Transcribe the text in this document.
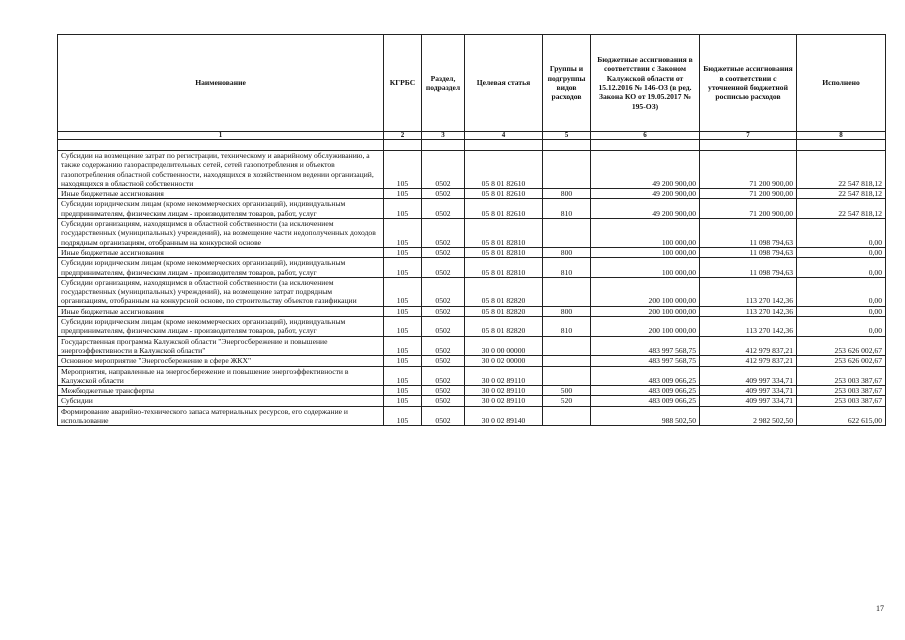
Наименование	КГРБС	Раздел, подраздел	Целевая статья	Группы и подгруппы видов расходов	Бюджетные ассигнования в соответствии с Законом Калужской области от 15.12.2016 № 146-ОЗ (в ред. Закона КО от 19.05.2017 № 195-ОЗ)	Бюджетные ассигнования в соответствии с уточненной бюджетной росписью расходов	Исполнено
1	2	3	4	5	6	7	8

Субсидии на возмещение затрат по регистрации, техническому и аварийному обслуживанию, а также содержанию газораспределительных сетей, сетей газопотребления и объектов газопотребления областной собственности, находящихся в хозяйственном ведении организаций, находящихся в областной собственности	105	0502	05 8 01 82610		49 200 900,00	71 200 900,00	22 547 818,12
Иные бюджетные ассигнования	105	0502	05 8 01 82610	800	49 200 900,00	71 200 900,00	22 547 818,12
Субсидии юридическим лицам (кроме некоммерческих организаций), индивидуальным предпринимателям, физическим лицам - производителям товаров, работ, услуг	105	0502	05 8 01 82610	810	49 200 900,00	71 200 900,00	22 547 818,12
Субсидии организациям, находящимся в областной собственности (за исключением государственных (муниципальных) учреждений), на возмещение части недополученных доходов подрядным организациям, отобранным на конкурсной основе	105	0502	05 8 01 82810		100 000,00	11 098 794,63	0,00
Иные бюджетные ассигнования	105	0502	05 8 01 82810	800	100 000,00	11 098 794,63	0,00
Субсидии юридическим лицам (кроме некоммерческих организаций), индивидуальным предпринимателям, физическим лицам - производителям товаров, работ, услуг	105	0502	05 8 01 82810	810	100 000,00	11 098 794,63	0,00
Субсидии организациям, находящимся в областной собственности (за исключением государственных (муниципальных) учреждений), на возмещение затрат подрядным организациям, отобранным на конкурсной основе, по строительству объектов газификации	105	0502	05 8 01 82820		200 100 000,00	113 270 142,36	0,00
Иные бюджетные ассигнования	105	0502	05 8 01 82820	800	200 100 000,00	113 270 142,36	0,00
Субсидии юридическим лицам (кроме некоммерческих организаций), индивидуальным предпринимателям, физическим лицам - производителям товаров, работ, услуг	105	0502	05 8 01 82820	810	200 100 000,00	113 270 142,36	0,00
Государственная программа Калужской области "Энергосбережение и повышение энергоэффективности в Калужской области"	105	0502	30 0 00 00000		483 997 568,75	412 979 837,21	253 626 002,67
Основное мероприятие "Энергосбережение в сфере ЖКХ"	105	0502	30 0 02 00000		483 997 568,75	412 979 837,21	253 626 002,67
Мероприятия, направленные на энергосбережение и повышение энергоэффективности в Калужской области	105	0502	30 0 02 89110		483 009 066,25	409 997 334,71	253 003 387,67
Межбюджетные трансферты	105	0502	30 0 02 89110	500	483 009 066,25	409 997 334,71	253 003 387,67
Субсидии	105	0502	30 0 02 89110	520	483 009 066,25	409 997 334,71	253 003 387,67
Формирование аварийно-технического запаса материальных ресурсов, его содержание и использование	105	0502	30 0 02 89140		988 502,50	2 982 502,50	622 615,00
17
